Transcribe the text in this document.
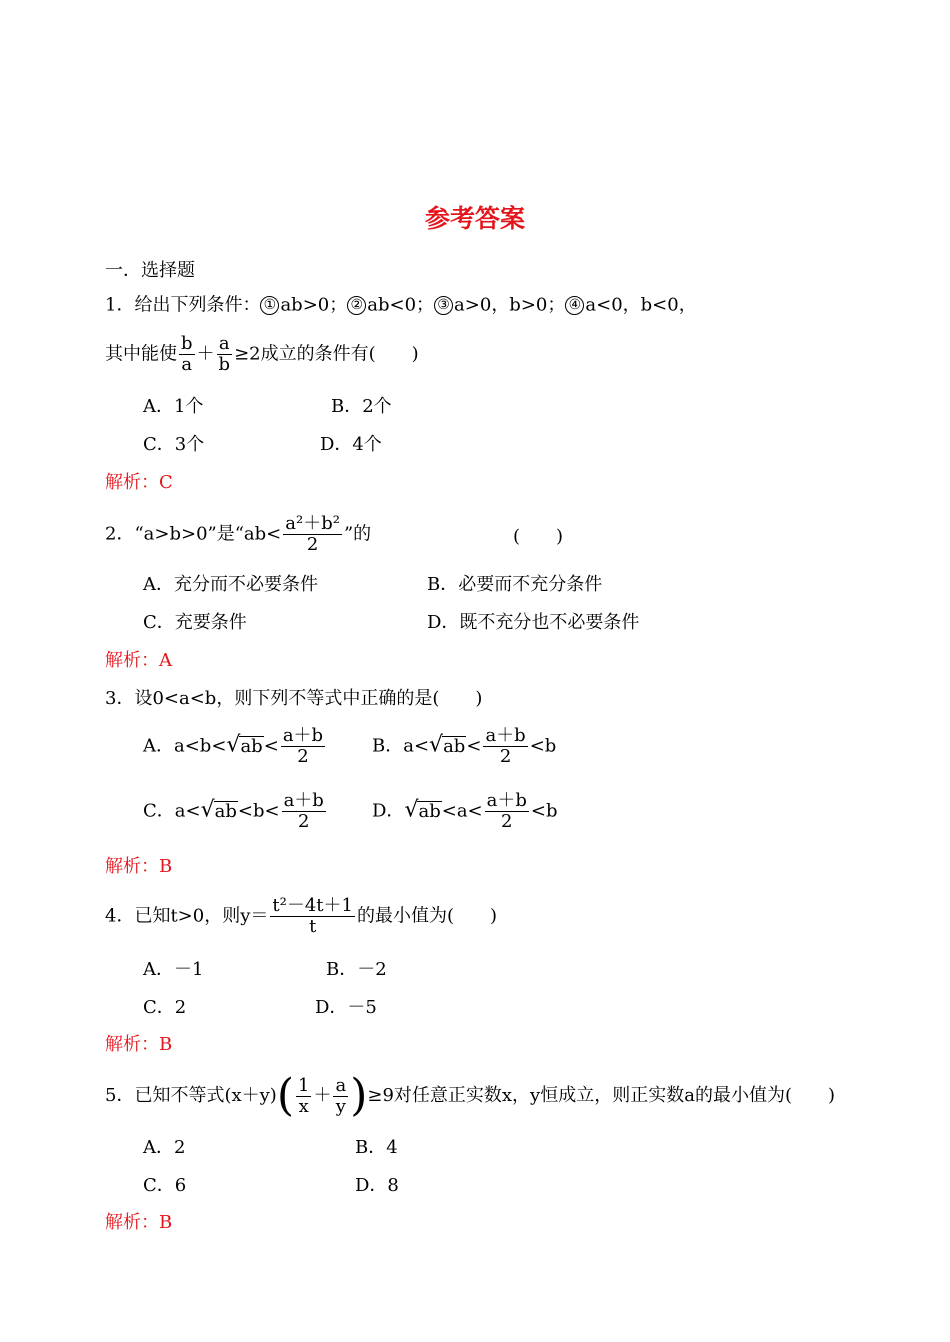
参考答案
一．选择题
1．给出下列条件： ① ab>0； ② ab<0； ③ a>0，b>0； ④ a<0，b<0，
其中能使 $\frac{b}{a} + \frac{a}{b} \ge 2$成立的条件有(　　)
A．1个	B．2个
C．3个	D．4个
解析：C
2．“a>b>0”是“$ab< \frac{\text{a²＋b²}}{2}$ ”的	(　　)
A．充分而不必要条件	B．必要而不充分条件
C．充要条件	D．既不充分也不必要条件
解析：A
3．设0<a<b，则下列不等式中正确的是(　　)
A．$a<b<√ab< \frac{a+b}{2}$	B．$a<√ab< \frac{a+b}{2} <b$
C．$a<√ab<b< \frac{a+b}{2}$	D．$√ab<a< \frac{a+b}{2} <b$
解析：B
4．已知t>0，则$y= \frac{\text{t²－4t＋1}}{t}$ 的最小值为(　　)
A．－1	B．－2
C．2	D．－5
解析：B
5．已知不等式$(x+y)( \frac{1}{x} + \frac{a}{y} )\ge 9$对任意正实数x，y恒成立，则正实数a的最小值为(　　)
A．2	B．4
C．6	D．8
解析：B
